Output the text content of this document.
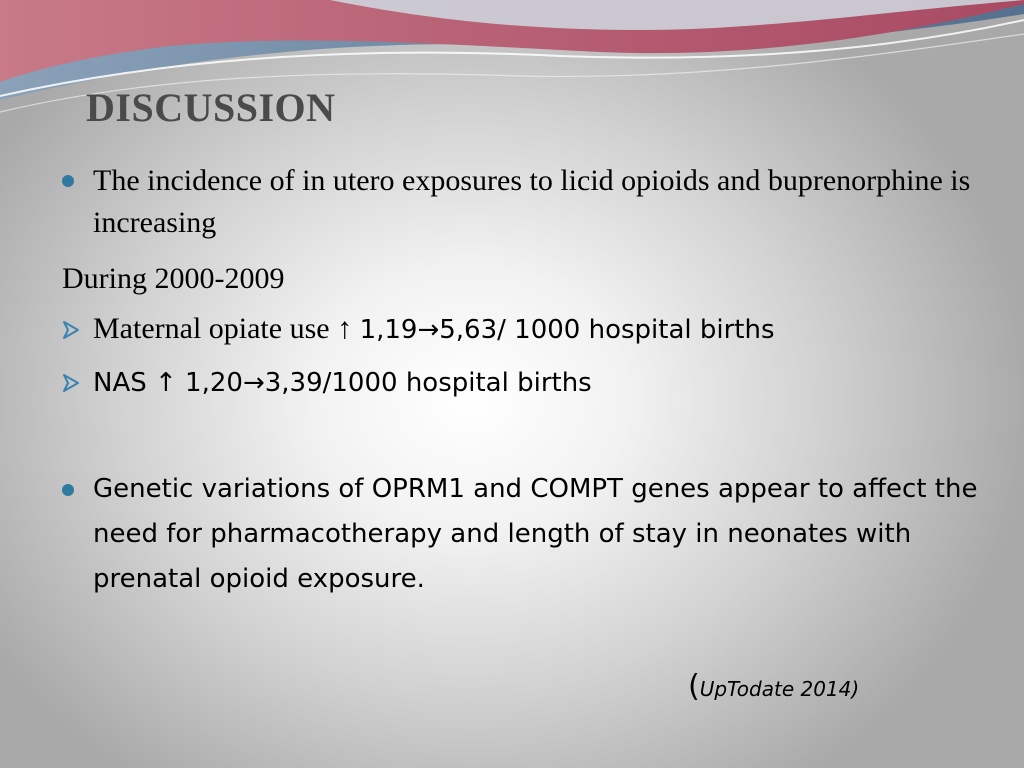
DISCUSSION
The incidence of in utero exposures to licid opioids and buprenorphine is increasing
During 2000-2009
Maternal opiate use ↑ 1,19→5,63/ 1000 hospital births
NAS ↑ 1,20→3,39/1000 hospital births
Genetic variations of OPRM1 and COMPT genes appear to affect the need for pharmacotherapy and length of stay in neonates with prenatal opioid exposure.
(UpTodate 2014)
